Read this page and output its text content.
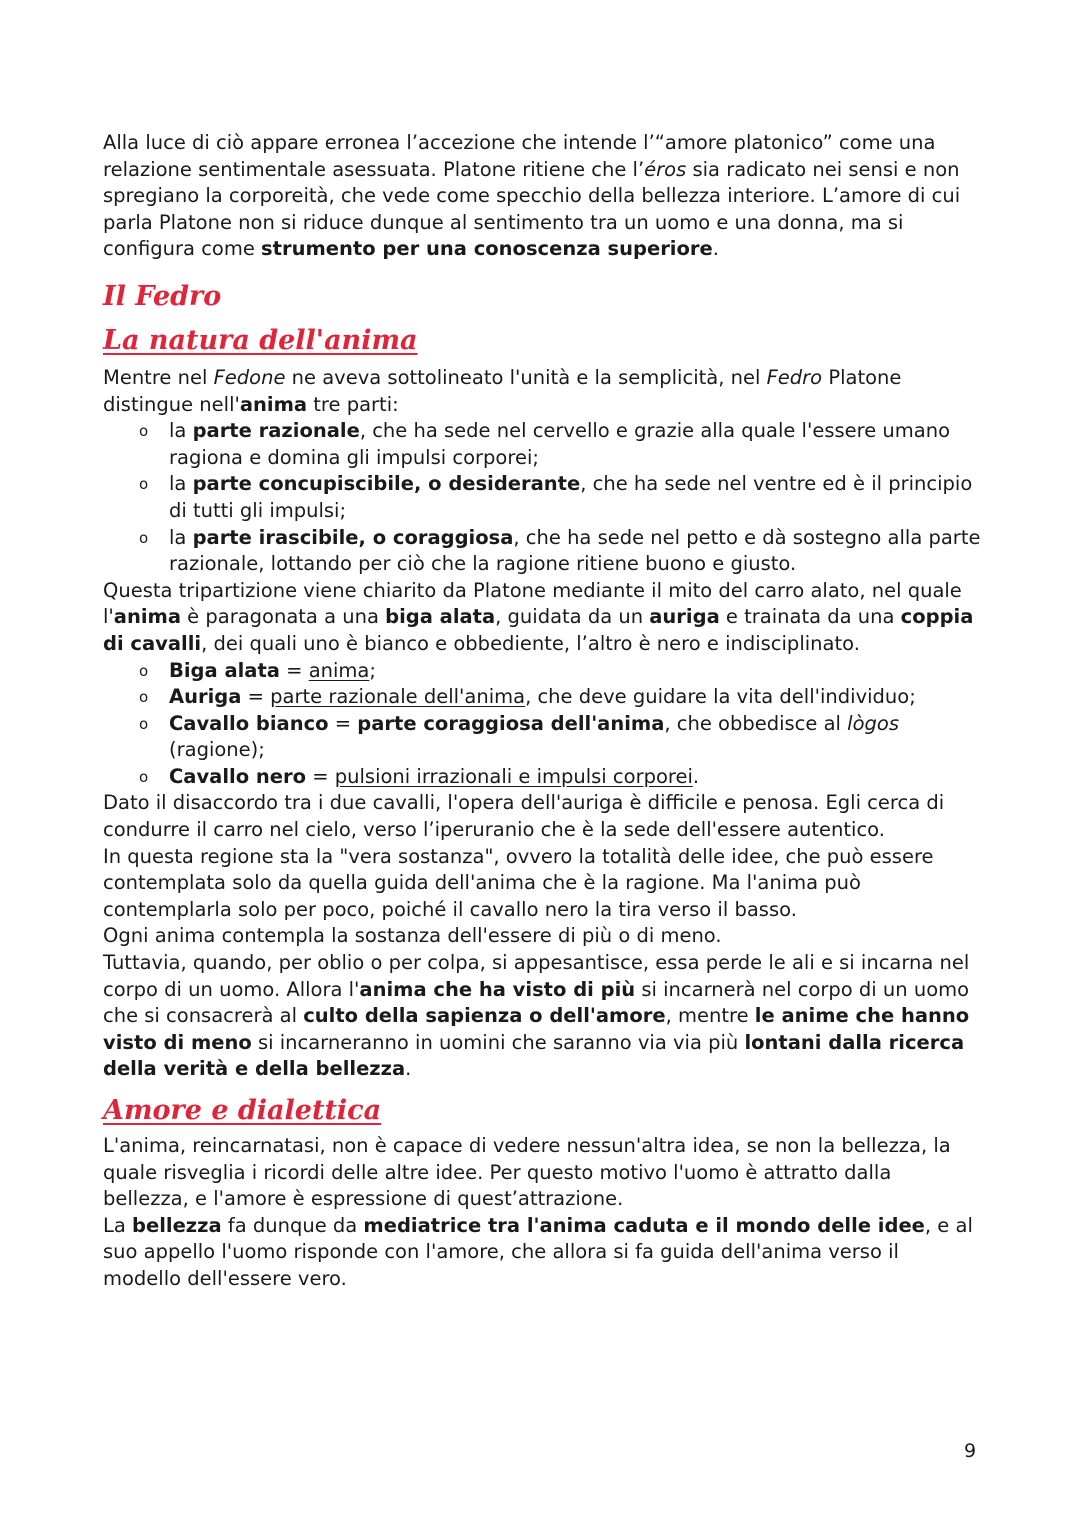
Alla luce di ciò appare erronea l’accezione che intende l’“amore platonico” come una relazione sentimentale asessuata. Platone ritiene che l’éros sia radicato nei sensi e non spregiano la corporeità, che vede come specchio della bellezza interiore. L’amore di cui parla Platone non si riduce dunque al sentimento tra un uomo e una donna, ma si configura come strumento per una conoscenza superiore.

Il Fedro
La natura dell'anima

Mentre nel Fedone ne aveva sottolineato l'unità e la semplicità, nel Fedro Platone distingue nell'anima tre parti:

o la parte razionale, che ha sede nel cervello e grazie alla quale l'essere umano ragiona e domina gli impulsi corporei;
o la parte concupiscibile, o desiderante, che ha sede nel ventre ed è il principio di tutti gli impulsi;
o la parte irascibile, o coraggiosa, che ha sede nel petto e dà sostegno alla parte razionale, lottando per ciò che la ragione ritiene buono e giusto.

Questa tripartizione viene chiarito da Platone mediante il mito del carro alato, nel quale l'anima è paragonata a una biga alata, guidata da un auriga e trainata da una coppia di cavalli, dei quali uno è bianco e obbediente, l’altro è nero e indisciplinato.

o Biga alata = anima;
o Auriga = parte razionale dell'anima, che deve guidare la vita dell'individuo;
o Cavallo bianco = parte coraggiosa dell'anima, che obbedisce al lògos (ragione);
o Cavallo nero = pulsioni irrazionali e impulsi corporei.

Dato il disaccordo tra i due cavalli, l'opera dell'auriga è difficile e penosa. Egli cerca di condurre il carro nel cielo, verso l’iperuranio che è la sede dell'essere autentico.

In questa regione sta la "vera sostanza", ovvero la totalità delle idee, che può essere contemplata solo da quella guida dell'anima che è la ragione. Ma l'anima può contemplarla solo per poco, poiché il cavallo nero la tira verso il basso.

Ogni anima contempla la sostanza dell'essere di più o di meno.

Tuttavia, quando, per oblio o per colpa, si appesantisce, essa perde le ali e si incarna nel corpo di un uomo. Allora l'anima che ha visto di più si incarnerà nel corpo di un uomo che si consacrerà al culto della sapienza o dell'amore, mentre le anime che hanno visto di meno si incarneranno in uomini che saranno via via più lontani dalla ricerca della verità e della bellezza.

Amore e dialettica

L'anima, reincarnatasi, non è capace di vedere nessun'altra idea, se non la bellezza, la quale risveglia i ricordi delle altre idee. Per questo motivo l'uomo è attratto dalla bellezza, e l'amore è espressione di quest’attrazione.

La bellezza fa dunque da mediatrice tra l'anima caduta e il mondo delle idee, e al suo appello l'uomo risponde con l'amore, che allora si fa guida dell'anima verso il modello dell'essere vero.

9
